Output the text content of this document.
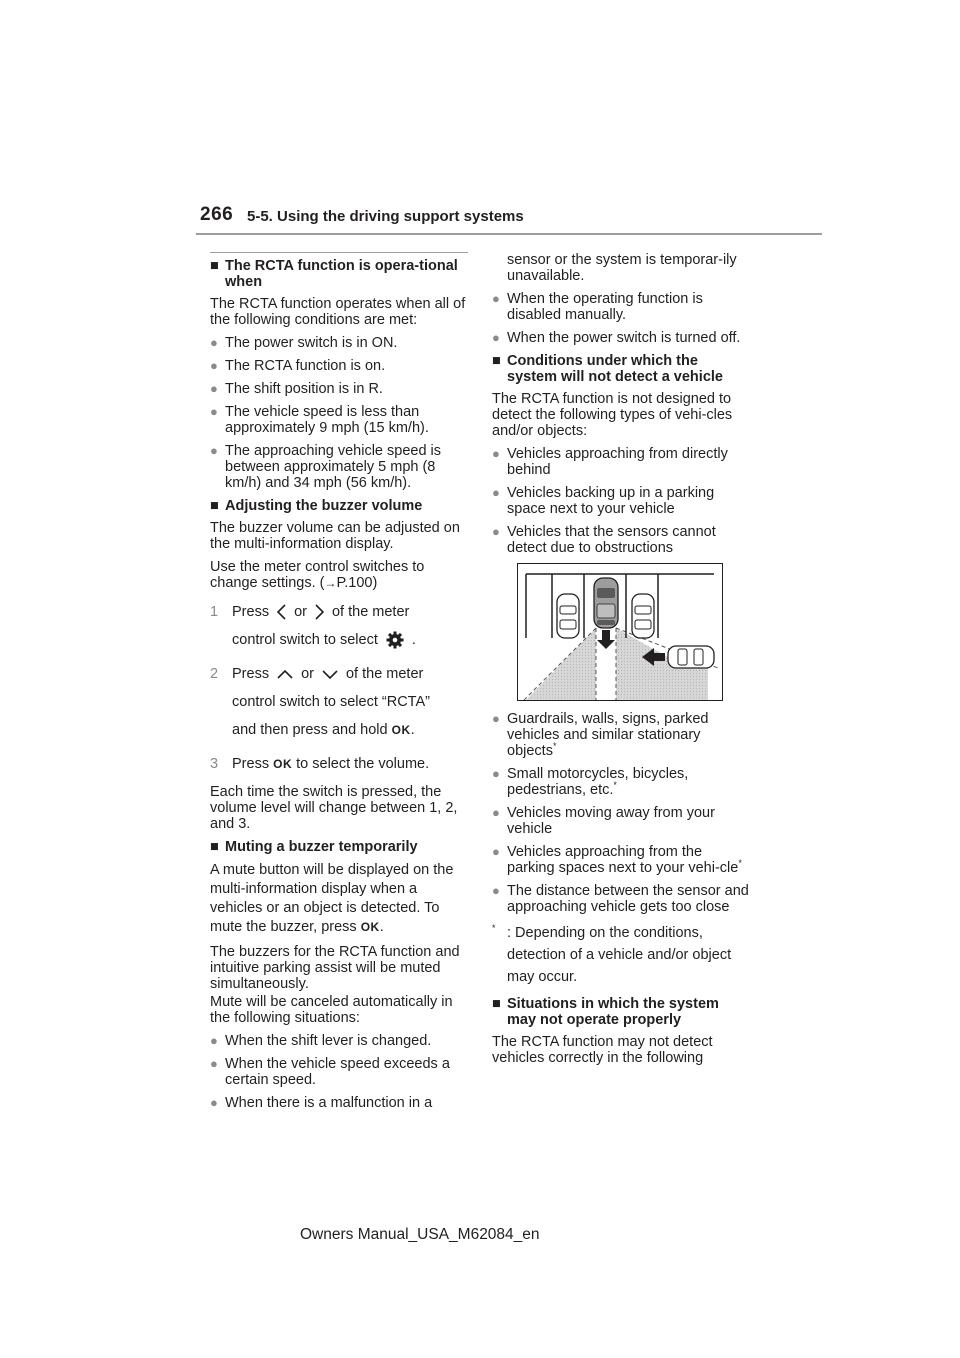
266 5-5. Using the driving support systems
■ The RCTA function is opera-tional when

The RCTA function operates when all of the following conditions are met:

● The power switch is in ON.
● The RCTA function is on.
● The shift position is in R.
● The vehicle speed is less than approximately 9 mph (15 km/h).
● The approaching vehicle speed is between approximately 5 mph (8 km/h) and 34 mph (56 km/h).
■ Adjusting the buzzer volume

The buzzer volume can be adjusted on the multi-information display.

Use the meter control switches to change settings. (→P.100)

1 Press or of the meter
control switch to select .
2 Press or of the meter
control switch to select “RCTA”
and then press and hold OK.
3 Press OK to select the volume.

Each time the switch is pressed, the volume level will change between 1, 2, and 3.

■ Muting a buzzer temporarily

A mute button will be displayed on the multi-information display when a vehicles or an object is detected. To mute the buzzer, press OK.

The buzzers for the RCTA function and intuitive parking assist will be muted simultaneously.

Mute will be canceled automatically in the following situations:

● When the shift lever is changed.
● When the vehicle speed exceeds a certain speed.
● When there is a malfunction in a

sensor or the system is temporar-ily unavailable.

● When the operating function is disabled manually.
● When the power switch is turned off.
■ Conditions under which the system will not detect a vehicle

The RCTA function is not designed to detect the following types of vehi-cles and/or objects:

● Vehicles approaching from directly behind
● Vehicles backing up in a parking space next to your vehicle
● Vehicles that the sensors cannot detect due to obstructions
● Guardrails, walls, signs, parked vehicles and similar stationary objects*
● Small motorcycles, bicycles, pedestrians, etc.*
● Vehicles moving away from your vehicle
● Vehicles approaching from the parking spaces next to your vehi-cle*
● The distance between the sensor and approaching vehicle gets too close
* : Depending on the conditions, detection of a vehicle and/or object may occur.
■ Situations in which the system may not operate properly

The RCTA function may not detect vehicles correctly in the following

Owners Manual_USA_M62084_en
